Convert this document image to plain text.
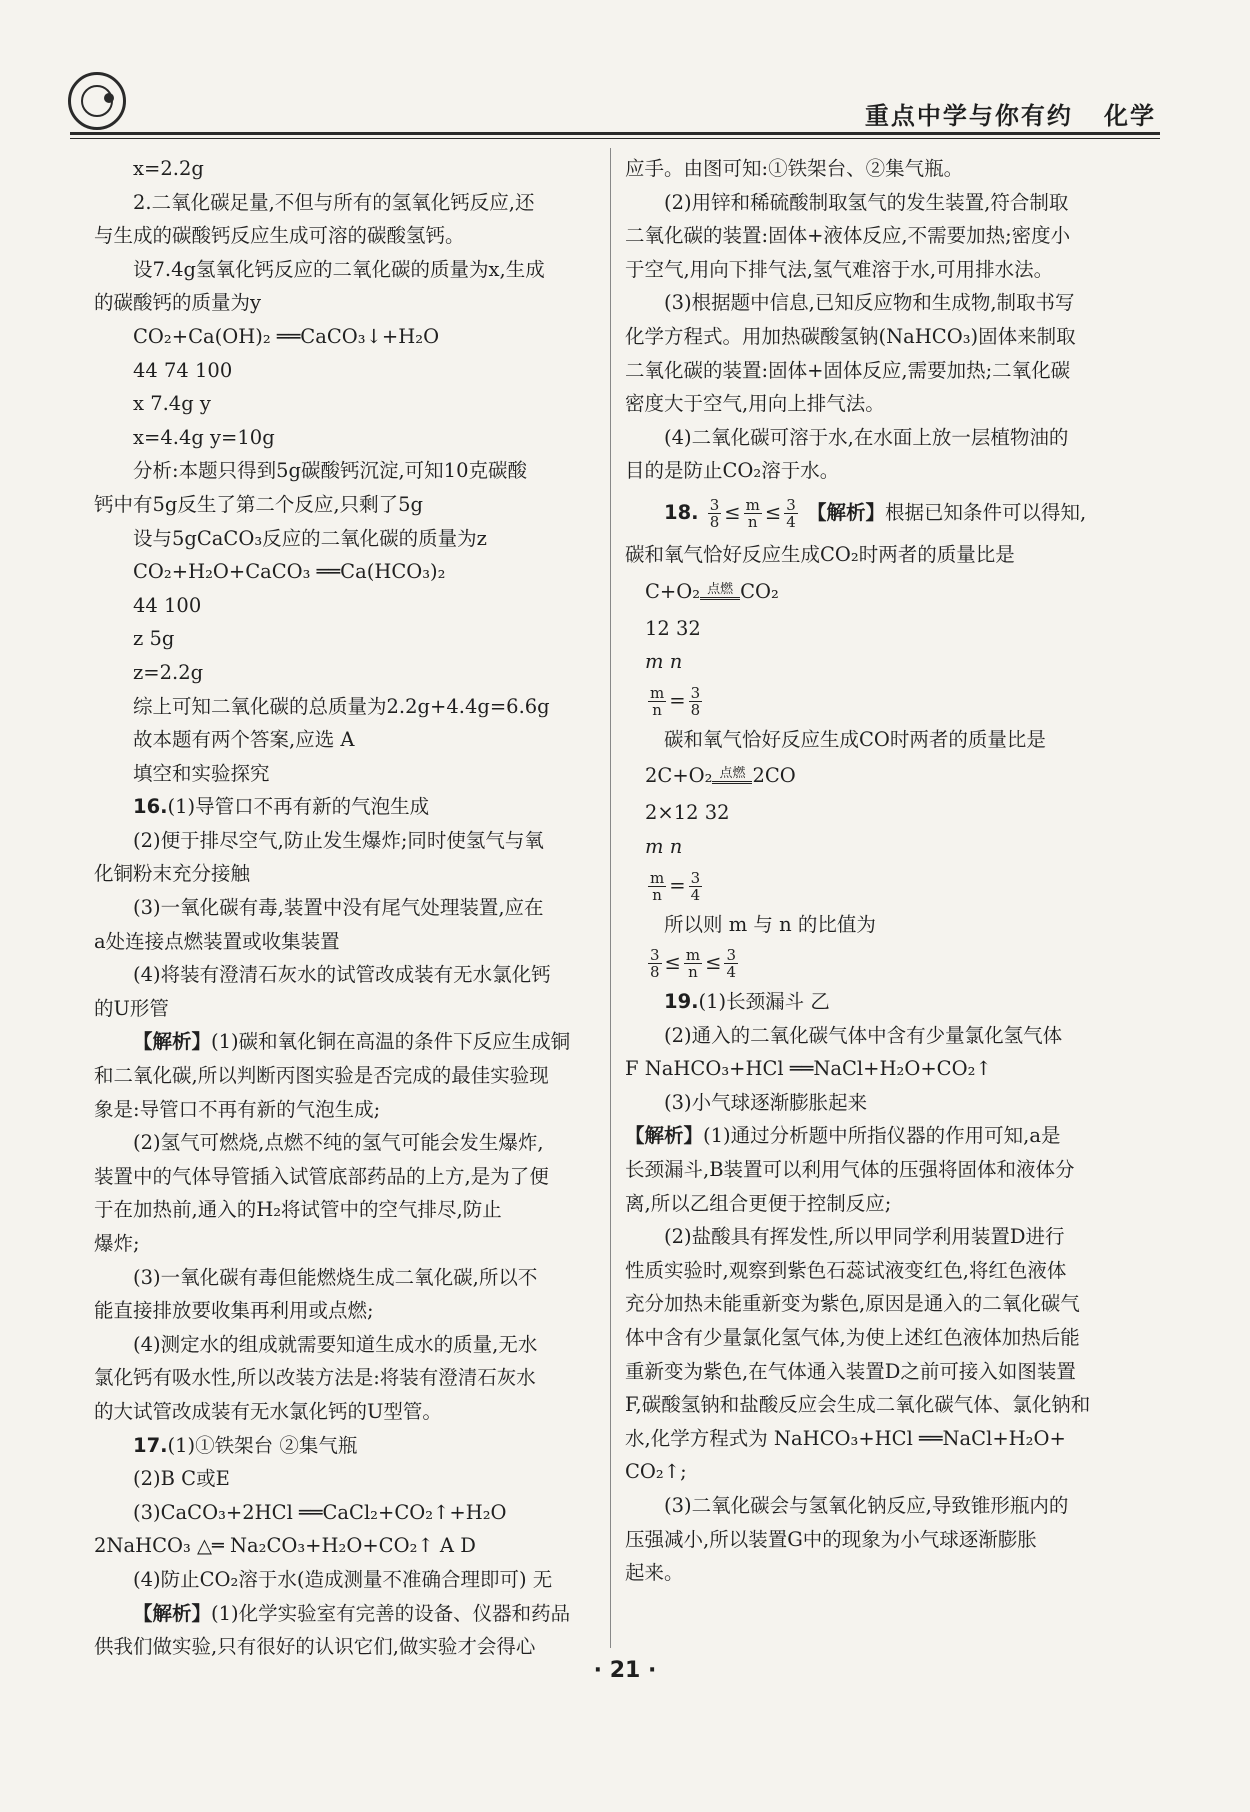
重点中学与你有约   化学
x=2.2g
2.二氧化碳足量,不但与所有的氢氧化钙反应,还
与生成的碳酸钙反应生成可溶的碳酸氢钙。
设7.4g氢氧化钙反应的二氧化碳的质量为x,生成
的碳酸钙的质量为y
CO₂+Ca(OH)₂ ══CaCO₃↓+H₂O
44 74 100
x 7.4g y
x=4.4g y=10g
分析:本题只得到5g碳酸钙沉淀,可知10克碳酸
钙中有5g反生了第二个反应,只剩了5g
设与5gCaCO₃反应的二氧化碳的质量为z
CO₂+H₂O+CaCO₃ ══Ca(HCO₃)₂
44 100
z 5g
z=2.2g
综上可知二氧化碳的总质量为2.2g+4.4g=6.6g
故本题有两个答案,应选 A
填空和实验探究
16.(1)导管口不再有新的气泡生成
(2)便于排尽空气,防止发生爆炸;同时使氢气与氧
化铜粉末充分接触
(3)一氧化碳有毒,装置中没有尾气处理装置,应在
a处连接点燃装置或收集装置
(4)将装有澄清石灰水的试管改成装有无水氯化钙
的U形管
【解析】(1)碳和氧化铜在高温的条件下反应生成铜
和二氧化碳,所以判断丙图实验是否完成的最佳实验现
象是:导管口不再有新的气泡生成;
(2)氢气可燃烧,点燃不纯的氢气可能会发生爆炸,
装置中的气体导管插入试管底部药品的上方,是为了便
于在加热前,通入的H₂将试管中的空气排尽,防止
爆炸;
(3)一氧化碳有毒但能燃烧生成二氧化碳,所以不
能直接排放要收集再利用或点燃;
(4)测定水的组成就需要知道生成水的质量,无水
氯化钙有吸水性,所以改装方法是:将装有澄清石灰水
的大试管改成装有无水氯化钙的U型管。
17.(1)①铁架台 ②集气瓶
(2)B C或E
(3)CaCO₃+2HCl ══CaCl₂+CO₂↑+H₂O
2NaHCO₃ △═ Na₂CO₃+H₂O+CO₂↑ A D
(4)防止CO₂溶于水(造成测量不准确合理即可) 无
【解析】(1)化学实验室有完善的设备、仪器和药品
供我们做实验,只有很好的认识它们,做实验才会得心
应手。由图可知:①铁架台、②集气瓶。
(2)用锌和稀硫酸制取氢气的发生装置,符合制取
二氧化碳的装置:固体+液体反应,不需要加热;密度小
于空气,用向下排气法,氢气难溶于水,可用排水法。
(3)根据题中信息,已知反应物和生成物,制取书写
化学方程式。用加热碳酸氢钠(NaHCO₃)固体来制取
二氧化碳的装置:固体+固体反应,需要加热;二氧化碳
密度大于空气,用向上排气法。
(4)二氧化碳可溶于水,在水面上放一层植物油的
目的是防止CO₂溶于水。
18. $\frac{3}{8} \le \frac{m}{n} \le \frac{3}{4}$ 【解析】根据已知条件可以得知,
碳和氧气恰好反应生成CO₂时两者的质量比是
C+O₂ 点燃 CO₂
12 32
m n
$\frac{m}{n} = \frac{3}{8}$
碳和氧气恰好反应生成CO时两者的质量比是
2C+O₂ 点燃 2CO
2×12 32
m n
$\frac{m}{n} = \frac{3}{4}$
所以则 m 与 n 的比值为
$\frac{3}{8} \le \frac{m}{n} \le \frac{3}{4}$
19.(1)长颈漏斗 乙
(2)通入的二氧化碳气体中含有少量氯化氢气体
F NaHCO₃+HCl ══NaCl+H₂O+CO₂↑
(3)小气球逐渐膨胀起来
【解析】(1)通过分析题中所指仪器的作用可知,a是
长颈漏斗,B装置可以利用气体的压强将固体和液体分
离,所以乙组合更便于控制反应;
(2)盐酸具有挥发性,所以甲同学利用装置D进行
性质实验时,观察到紫色石蕊试液变红色,将红色液体
充分加热未能重新变为紫色,原因是通入的二氧化碳气
体中含有少量氯化氢气体,为使上述红色液体加热后能
重新变为紫色,在气体通入装置D之前可接入如图装置
F,碳酸氢钠和盐酸反应会生成二氧化碳气体、氯化钠和
水,化学方程式为 NaHCO₃+HCl ══NaCl+H₂O+
CO₂↑;
(3)二氧化碳会与氢氧化钠反应,导致锥形瓶内的
压强减小,所以装置G中的现象为小气球逐渐膨胀
起来。
· 21 ·
